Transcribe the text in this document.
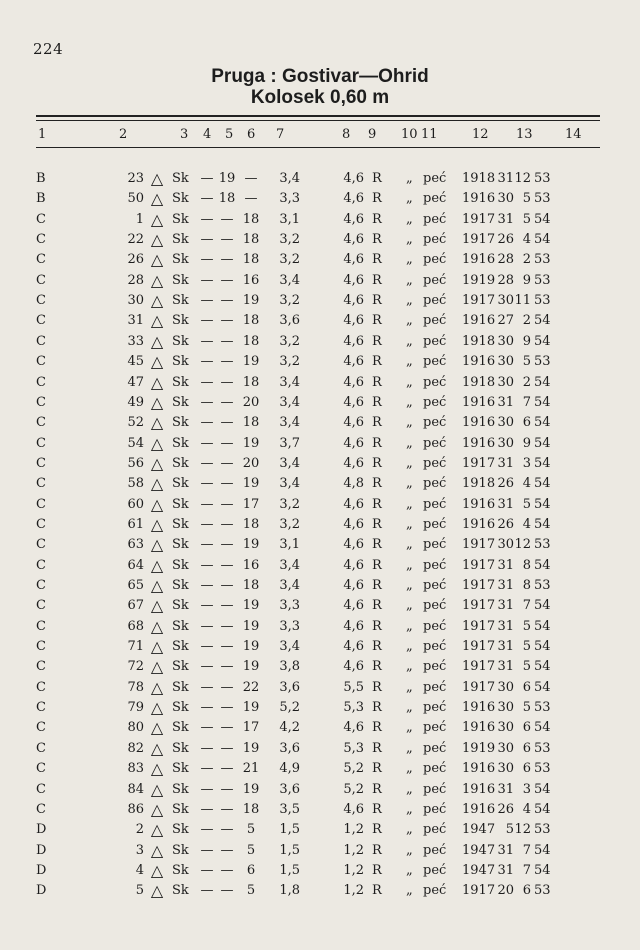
224
Pruga : Gostivar—Ohrid
Kolosek 0,60 m
1	2	3 4 5 6 7	8 9 10 11	12 13 14
B	23 △ Sk — 19 —	3,4	4,6 R „ peć 1918 31 12 53
B	50 △ Sk — 18 —	3,3	4,6 R „ peć 1916 30 5 53
C	1 △ Sk — — 18	3,1	4,6 R „ peć 1917 31 5 54
C	22 △ Sk — — 18	3,2	4,6 R „ peć 1917 26 4 54
C	26 △ Sk — — 18	3,2	4,6 R „ peć 1916 28 2 53
C	28 △ Sk — — 16	3,4	4,6 R „ peć 1919 28 9 53
C	30 △ Sk — — 19	3,2	4,6 R „ peć 1917 30 11 53
C	31 △ Sk — — 18	3,6	4,6 R „ peć 1916 27 2 54
C	33 △ Sk — — 18	3,2	4,6 R „ peć 1918 30 9 54
C	45 △ Sk — — 19	3,2	4,6 R „ peć 1916 30 5 53
C	47 △ Sk — — 18	3,4	4,6 R „ peć 1918 30 2 54
C	49 △ Sk — — 20	3,4	4,6 R „ peć 1916 31 7 54
C	52 △ Sk — — 18	3,4	4,6 R „ peć 1916 30 6 54
C	54 △ Sk — — 19	3,7	4,6 R „ peć 1916 30 9 54
C	56 △ Sk — — 20	3,4	4,6 R „ peć 1917 31 3 54
C	58 △ Sk — — 19	3,4	4,8 R „ peć 1918 26 4 54
C	60 △ Sk — — 17	3,2	4,6 R „ peć 1916 31 5 54
C	61 △ Sk — — 18	3,2	4,6 R „ peć 1916 26 4 54
C	63 △ Sk — — 19	3,1	4,6 R „ peć 1917 30 12 53
C	64 △ Sk — — 16	3,4	4,6 R „ peć 1917 31 8 54
C	65 △ Sk — — 18	3,4	4,6 R „ peć 1917 31 8 53
C	67 △ Sk — — 19	3,3	4,6 R „ peć 1917 31 7 54
C	68 △ Sk — — 19	3,3	4,6 R „ peć 1917 31 5 54
C	71 △ Sk — — 19	3,4	4,6 R „ peć 1917 31 5 54
C	72 △ Sk — — 19	3,8	4,6 R „ peć 1917 31 5 54
C	78 △ Sk — — 22	3,6	5,5 R „ peć 1917 30 6 54
C	79 △ Sk — — 19	5,2	5,3 R „ peć 1916 30 5 53
C	80 △ Sk — — 17	4,2	4,6 R „ peć 1916 30 6 54
C	82 △ Sk — — 19	3,6	5,3 R „ peć 1919 30 6 53
C	83 △ Sk — — 21	4,9	5,2 R „ peć 1916 30 6 53
C	84 △ Sk — — 19	3,6	5,2 R „ peć 1916 31 3 54
C	86 △ Sk — — 18	3,5	4,6 R „ peć 1916 26 4 54
D	2 △ Sk — —	5	1,5	1,2 R „ peć 1947 5 12 53
D	3 △ Sk — —	5	1,5	1,2 R „ peć 1947 31 7 54
D	4 △ Sk — —	6	1,5	1,2 R „ peć 1947 31 7 54
D	5 △ Sk — —	5	1,8	1,2 R „ peć 1917 20 6 53
